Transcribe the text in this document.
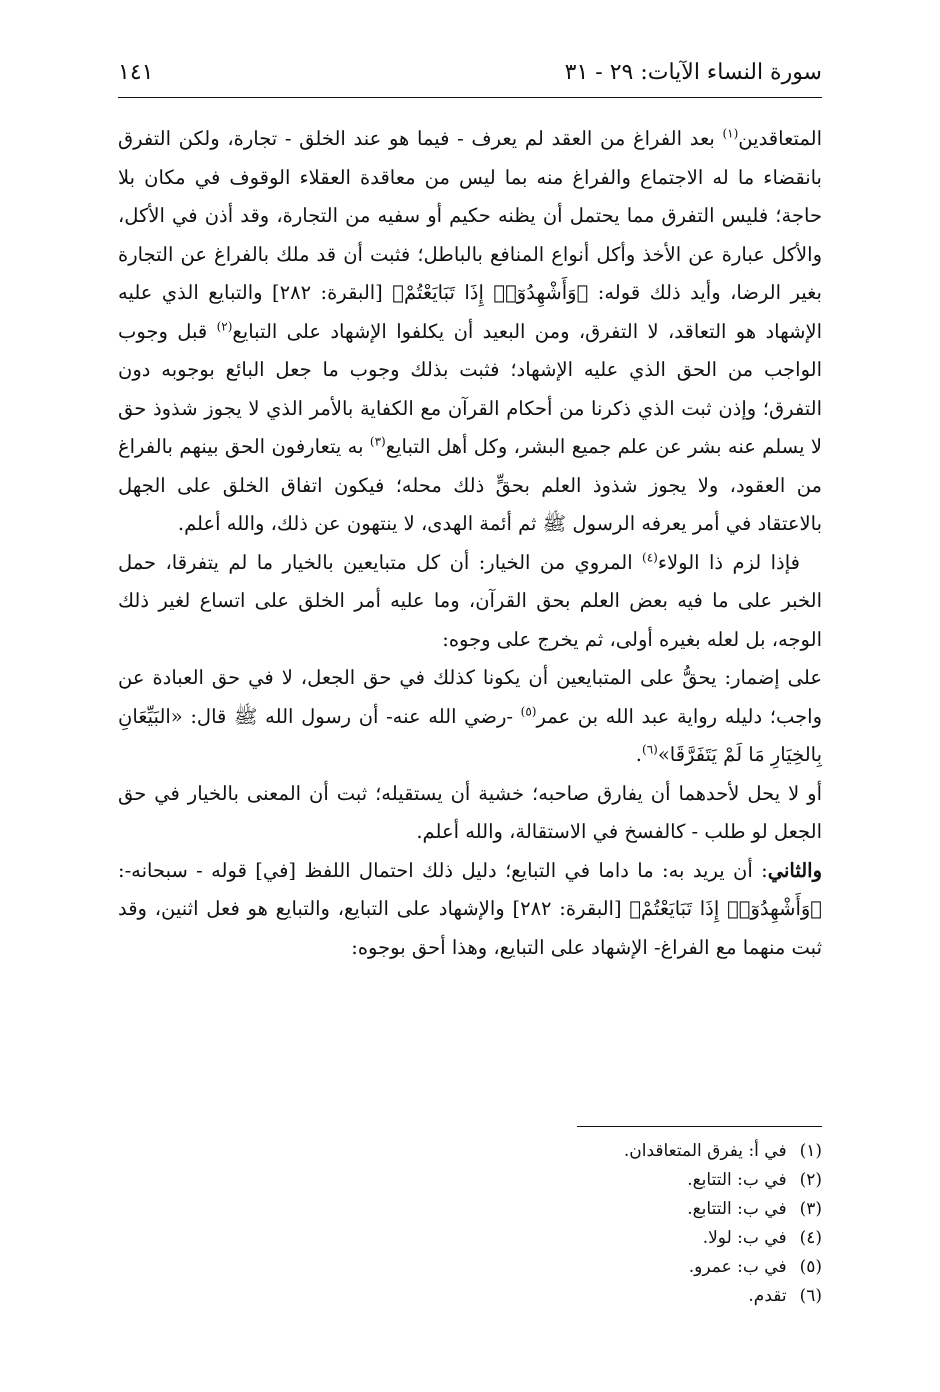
سورة النساء الآيات: ٢٩ - ٣١
١٤١

المتعاقدين$^{(١)}$ بعد الفراغ من العقد لم يعرف - فيما هو عند الخلق - تجارة، ولكن التفرق بانقضاء ما له الاجتماع والفراغ منه بما ليس من معاقدة العقلاء الوقوف في مكان بلا حاجة؛ فليس التفرق مما يحتمل أن يظنه حكيم أو سفيه من التجارة، وقد أذن في الأكل، والأكل عبارة عن الأخذ وأكل أنواع المنافع بالباطل؛ فثبت أن قد ملك بالفراغ عن التجارة بغير الرضا، وأيد ذلك قوله: ﴿وَأَشْهِدُوٓا۟ إِذَا تَبَايَعْتُمْ﴾ [البقرة: ٢٨٢] والتبايع الذي عليه الإشهاد هو التعاقد، لا التفرق، ومن البعيد أن يكلفوا الإشهاد على التبايع$^{(٢)}$ قبل وجوب الواجب من الحق الذي عليه الإشهاد؛ فثبت بذلك وجوب ما جعل البائع بوجوبه دون التفرق؛ وإذن ثبت الذي ذكرنا من أحكام القرآن مع الكفاية بالأمر الذي لا يجوز شذوذ حق لا يسلم عنه بشر عن علم جميع البشر، وكل أهل التبايع$^{(٣)}$ به يتعارفون الحق بينهم بالفراغ من العقود، ولا يجوز شذوذ العلم بحقٍّ ذلك محله؛ فيكون اتفاق الخلق على الجهل بالاعتقاد في أمر يعرفه الرسول ﷺ ثم أئمة الهدى، لا ينتهون عن ذلك، والله أعلم.

فإذا لزم ذا الولاء$^{(٤)}$ المروي من الخيار: أن كل متبايعين بالخيار ما لم يتفرقا، حمل الخبر على ما فيه بعض العلم بحق القرآن، وما عليه أمر الخلق على اتساع لغير ذلك الوجه، بل لعله بغيره أولى، ثم يخرج على وجوه:

على إضمار: يحقُّ على المتبايعين أن يكونا كذلك في حق الجعل، لا في حق العبادة عن واجب؛ دليله رواية عبد الله بن عمر$^{(٥)}$ -رضي الله عنه- أن رسول الله ﷺ قال: «البَيِّعَانِ بِالخِيَارِ مَا لَمْ يَتَفَرَّقَا»$^{(٦)}$.

أو لا يحل لأحدهما أن يفارق صاحبه؛ خشية أن يستقيله؛ ثبت أن المعنى بالخيار في حق الجعل لو طلب - كالفسخ في الاستقالة، والله أعلم.

والثاني: أن يريد به: ما داما في التبايع؛ دليل ذلك احتمال اللفظ [في] قوله - سبحانه-: ﴿وَأَشْهِدُوٓا۟ إِذَا تَبَايَعْتُمْ﴾ [البقرة: ٢٨٢] والإشهاد على التبايع، والتبايع هو فعل اثنين، وقد ثبت منهما مع الفراغ- الإشهاد على التبايع، وهذا أحق بوجوه:

(١) في أ: يفرق المتعاقدان.
(٢) في ب: التتابع.
(٣) في ب: التتابع.
(٤) في ب: لولا.
(٥) في ب: عمرو.
(٦) تقدم.
